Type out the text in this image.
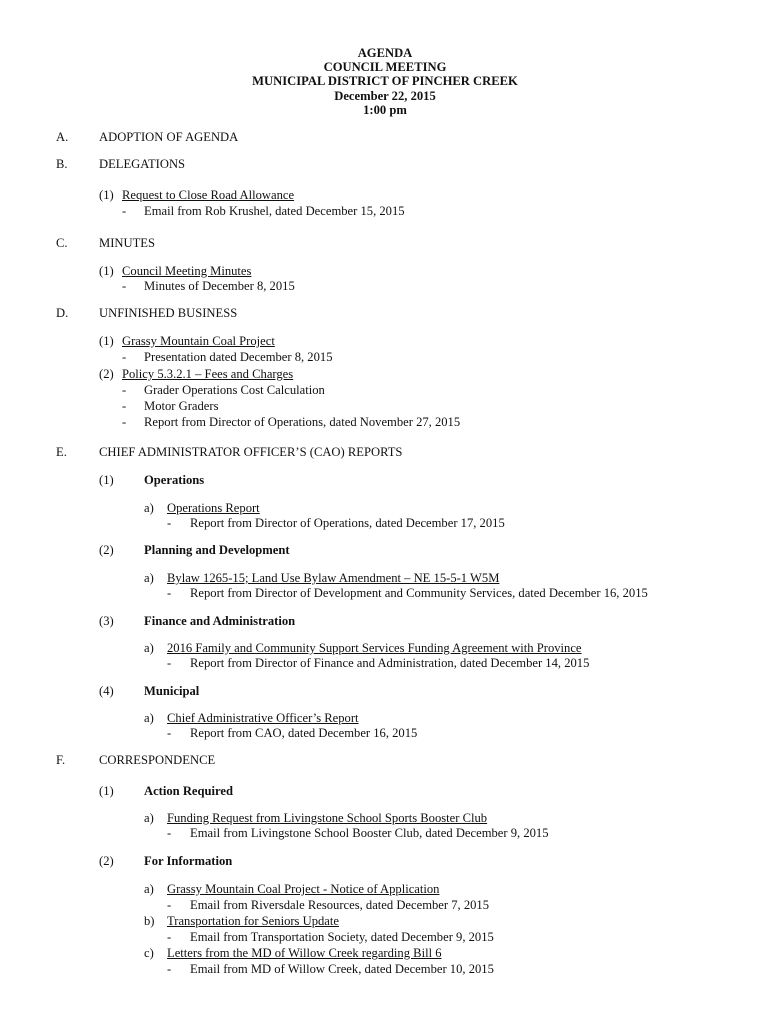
AGENDA
COUNCIL MEETING
MUNICIPAL DISTRICT OF PINCHER CREEK
December 22, 2015
1:00 pm
A. ADOPTION OF AGENDA
B. DELEGATIONS
(1) Request to Close Road Allowance
- Email from Rob Krushel, dated December 15, 2015
C. MINUTES
(1) Council Meeting Minutes
- Minutes of December 8, 2015
D. UNFINISHED BUSINESS
(1) Grassy Mountain Coal Project
- Presentation dated December 8, 2015
(2) Policy 5.3.2.1 – Fees and Charges
- Grader Operations Cost Calculation
- Motor Graders
- Report from Director of Operations, dated November 27, 2015
E.	CHIEF ADMINISTRATOR OFFICER’S (CAO) REPORTS
(1) Operations
a) Operations Report
- Report from Director of Operations, dated December 17, 2015
(2) Planning and Development
a) Bylaw 1265-15; Land Use Bylaw Amendment – NE 15-5-1 W5M
- Report from Director of Development and Community Services, dated December 16, 2015
(3) Finance and Administration
a) 2016 Family and Community Support Services Funding Agreement with Province
- Report from Director of Finance and Administration, dated December 14, 2015
(4) Municipal
a) Chief Administrative Officer’s Report
- Report from CAO, dated December 16, 2015
F.	CORRESPONDENCE
(1) Action Required
a) Funding Request from Livingstone School Sports Booster Club
- Email from Livingstone School Booster Club, dated December 9, 2015
(2) For Information
a) Grassy Mountain Coal Project - Notice of Application
- Email from Riversdale Resources, dated December 7, 2015
b) Transportation for Seniors Update
- Email from Transportation Society, dated December 9, 2015
c) Letters from the MD of Willow Creek regarding Bill 6
- Email from MD of Willow Creek, dated December 10, 2015
